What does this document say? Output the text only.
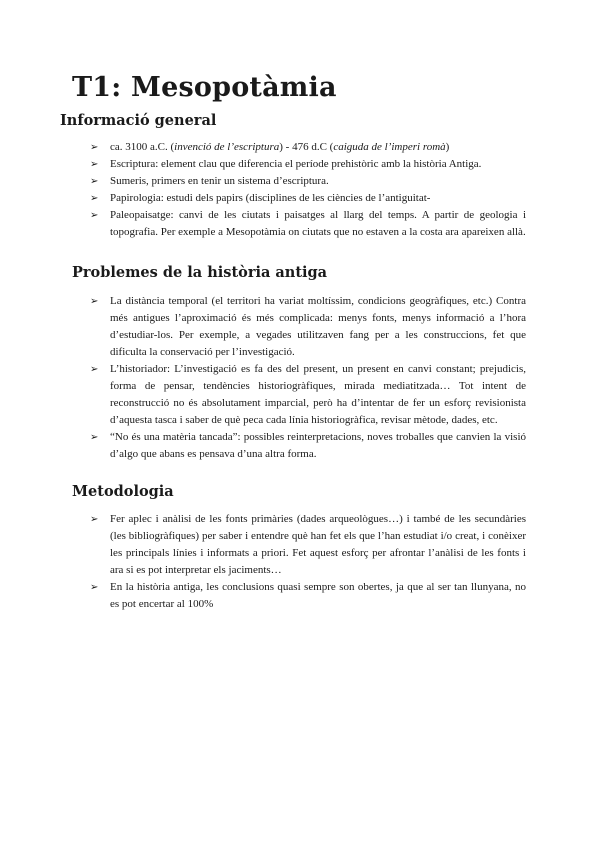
T1: Mesopotàmia
Informació general
➢ ca. 3100 a.C. (invenció de l’escriptura) - 476 d.C (caiguda de l’imperi romà)
➢ Escriptura: element clau que diferencia el període prehistòric amb la història Antiga.
➢ Sumeris, primers en tenir un sistema d’escriptura.
➢ Papirologia: estudi dels papirs (disciplines de les ciències de l’antiguitat-
➢ Paleopaisatge: canvi de les ciutats i paisatges al llarg del temps. A partir de geologia i topografia. Per exemple a Mesopotàmia on ciutats que no estaven a la costa ara apareixen allà.
Problemes de la història antiga
➢ La distància temporal (el territori ha variat moltíssim, condicions geogràfiques, etc.) Contra més antigues l’aproximació és més complicada: menys fonts, menys informació a l’hora d’estudiar-los. Per exemple, a vegades utilitzaven fang per a les construccions, fet que dificulta la conservació per l’investigació.
➢ L’historiador: L’investigació es fa des del present, un present en canvi constant; prejudicis, forma de pensar, tendències historiogràfiques, mirada mediatitzada… Tot intent de reconstrucció no és absolutament imparcial, però ha d’intentar de fer un esforç revisionista d’aquesta tasca i saber de què peca cada línia historiogràfica, revisar mètode, dades, etc.
➢ “No és una matèria tancada”: possibles reinterpretacions, noves troballes que canvien la visió d’algo que abans es pensava d’una altra forma.
Metodologia
➢ Fer aplec i anàlisi de les fonts primàries (dades arqueològues…) i també de les secundàries (les bibliogràfiques) per saber i entendre què han fet els que l’han estudiat i/o creat, i conèixer les principals línies i informats a priori. Fet aquest esforç per afrontar l’anàlisi de les fonts i ara si es pot interpretar els jaciments…
➢ En la història antiga, les conclusions quasi sempre son obertes, ja que al ser tan llunyana, no es pot encertar al 100%
